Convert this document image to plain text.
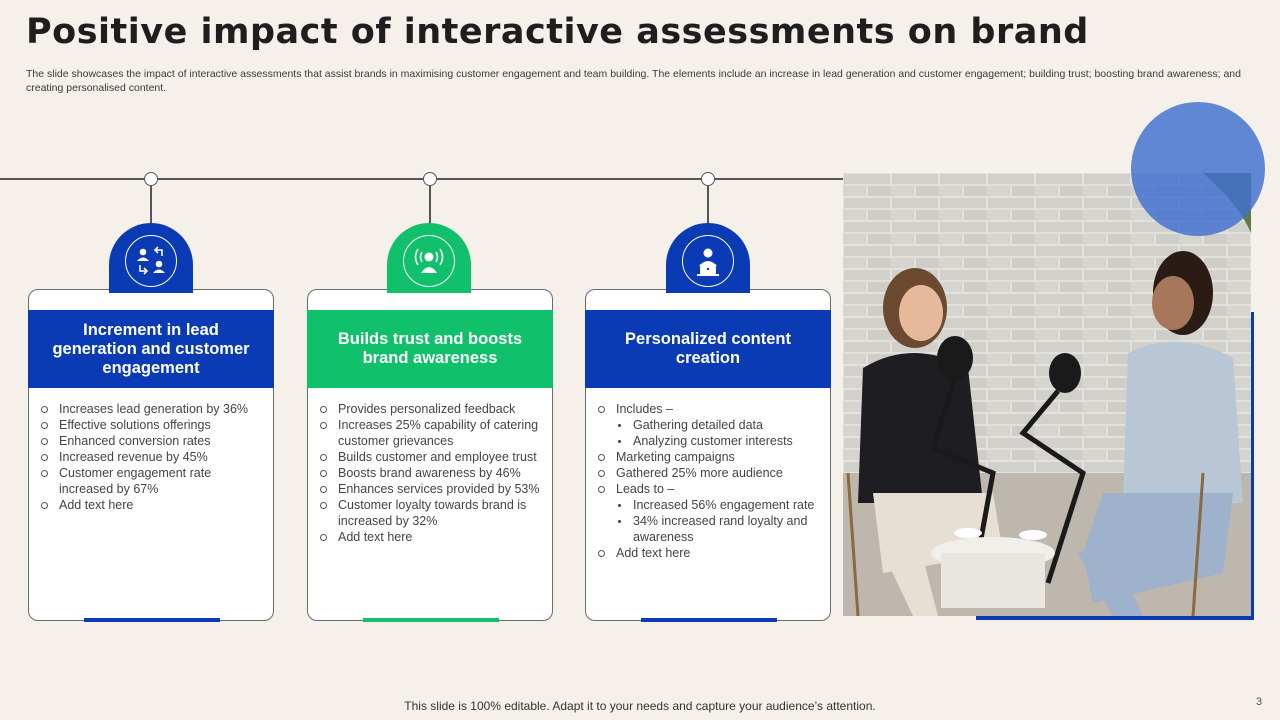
Positive impact of interactive assessments on brand
The slide showcases the impact of interactive assessments that assist brands in maximising customer engagement and team building. The elements include an increase in lead generation and customer engagement; building trust; boosting brand awareness; and creating personalised content.
Increment in lead generation and customer engagement
Increases lead generation by 36%
Effective solutions offerings
Enhanced conversion rates
Increased revenue by 45%
Customer engagement rate increased by 67%
Add text here
Builds trust and boosts brand awareness
Provides personalized feedback
Increases 25% capability of catering customer grievances
Builds customer and employee trust
Boosts brand awareness by 46%
Enhances services provided by 53%
Customer loyalty towards brand is increased by 32%
Add text here
Personalized content creation
Includes –
Gathering detailed data
Analyzing customer interests
Marketing campaigns
Gathered 25% more audience
Leads to –
Increased 56% engagement rate
34% increased rand loyalty and awareness
Add text here
This slide is 100% editable. Adapt it to your needs and capture your audience’s attention.	3
